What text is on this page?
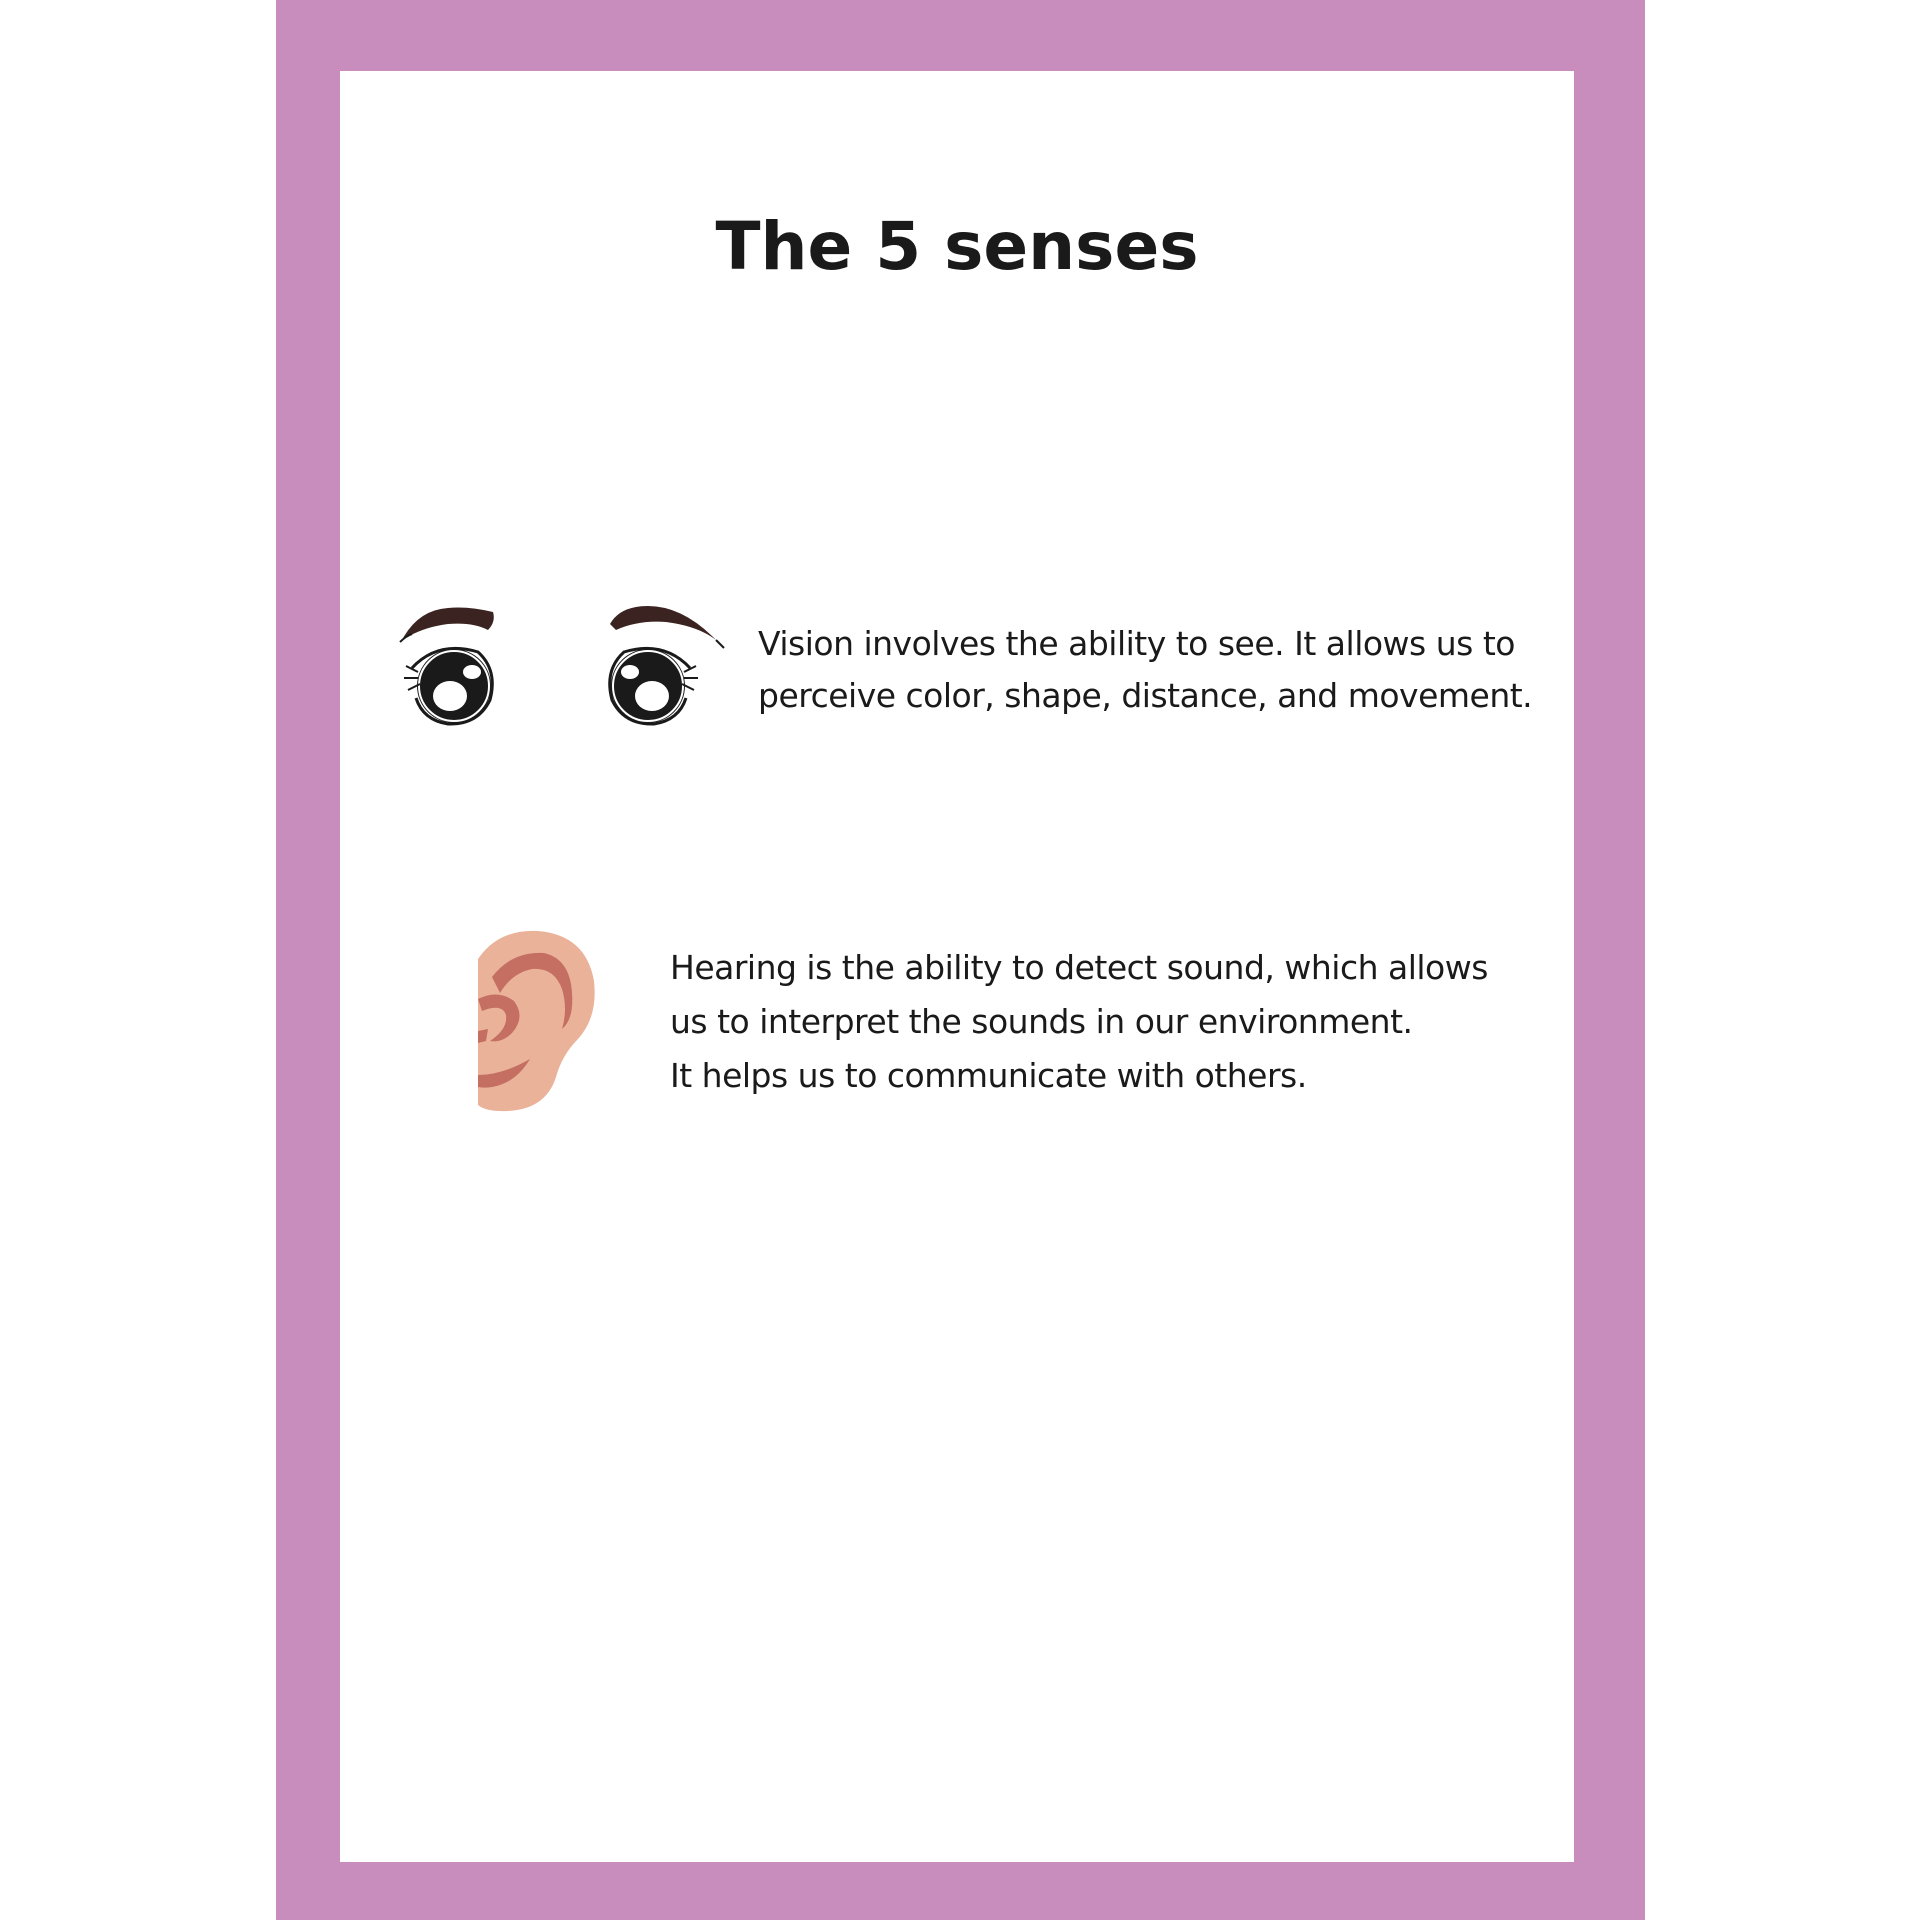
The 5 senses

Vision involves the ability to see. It allows us to
perceive color, shape, distance, and movement.

Hearing is the ability to detect sound, which allows
us to interpret the sounds in our environment.
It helps us to communicate with others.
